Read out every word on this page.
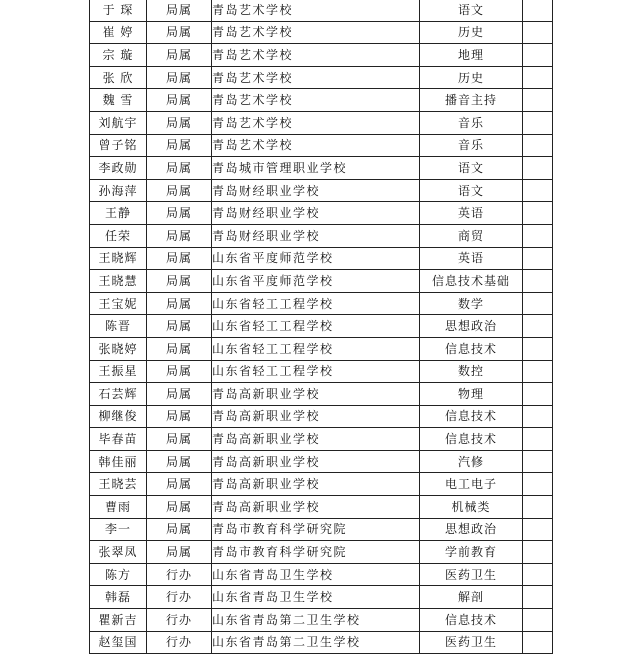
于 琛	局属	青岛艺术学校	语文	
崔 婷	局属	青岛艺术学校	历史	
宗 璇	局属	青岛艺术学校	地理	
张 欣	局属	青岛艺术学校	历史	
魏 雪	局属	青岛艺术学校	播音主持	
刘航宇	局属	青岛艺术学校	音乐	
曾子铭	局属	青岛艺术学校	音乐	
李政勋	局属	青岛城市管理职业学校	语文	
孙海萍	局属	青岛财经职业学校	语文	
王静	局属	青岛财经职业学校	英语	
任荣	局属	青岛财经职业学校	商贸	
王晓辉	局属	山东省平度师范学校	英语	
王晓慧	局属	山东省平度师范学校	信息技术基础	
王宝妮	局属	山东省轻工工程学校	数学	
陈晋	局属	山东省轻工工程学校	思想政治	
张晓婷	局属	山东省轻工工程学校	信息技术	
王振星	局属	山东省轻工工程学校	数控	
石芸辉	局属	青岛高新职业学校	物理	
柳继俊	局属	青岛高新职业学校	信息技术	
毕春苗	局属	青岛高新职业学校	信息技术	
韩佳丽	局属	青岛高新职业学校	汽修	
王晓芸	局属	青岛高新职业学校	电工电子	
曹雨	局属	青岛高新职业学校	机械类	
李一	局属	青岛市教育科学研究院	思想政治	
张翠凤	局属	青岛市教育科学研究院	学前教育	
陈方	行办	山东省青岛卫生学校	医药卫生	
韩磊	行办	山东省青岛卫生学校	解剖	
瞿新吉	行办	山东省青岛第二卫生学校	信息技术	
赵玺国	行办	山东省青岛第二卫生学校	医药卫生	
